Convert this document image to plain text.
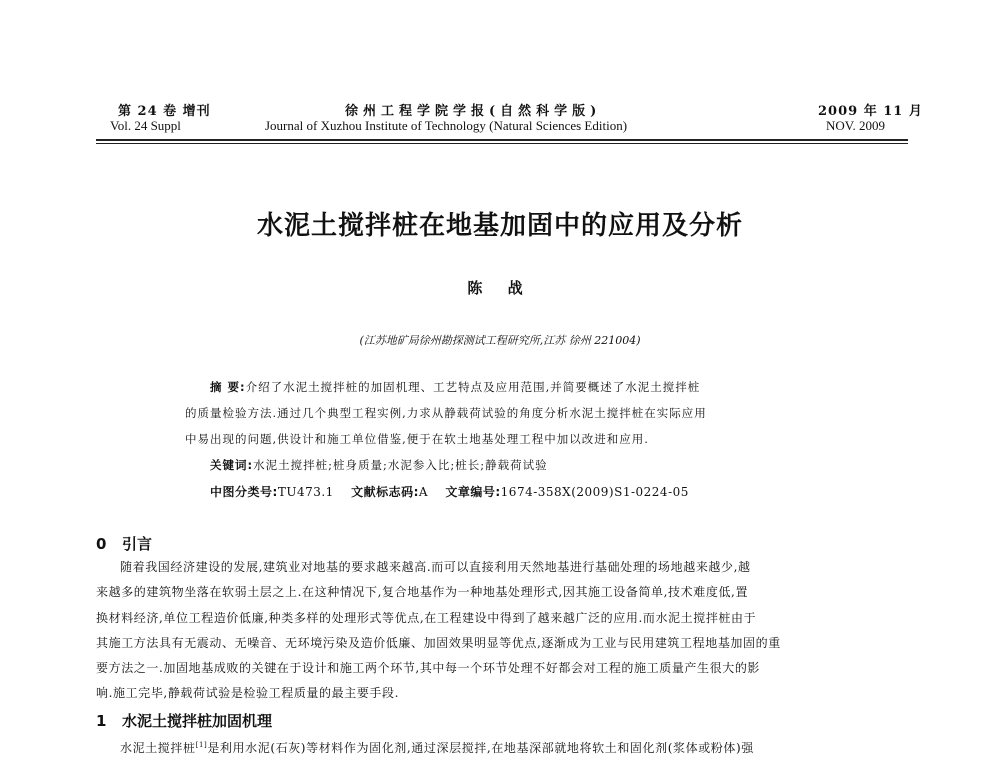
第 24 卷 增刊
Vol. 24 Suppl
徐州工程学院学报(自然科学版)
Journal of Xuzhou Institute of Technology (Natural Sciences Edition)
2009 年 11 月
NOV. 2009
水泥土搅拌桩在地基加固中的应用及分析
陈 战
(江苏地矿局徐州勘探测试工程研究所,江苏 徐州 221004)
摘 要:介绍了水泥土搅拌桩的加固机理、工艺特点及应用范围,并简要概述了水泥土搅拌桩
的质量检验方法.通过几个典型工程实例,力求从静载荷试验的角度分析水泥土搅拌桩在实际应用
中易出现的问题,供设计和施工单位借鉴,便于在软土地基处理工程中加以改进和应用.
关键词:水泥土搅拌桩;桩身质量;水泥参入比;桩长;静载荷试验
中图分类号:TU473.1 文献标志码:A 文章编号:1674-358X(2009)S1-0224-05
0 引言
随着我国经济建设的发展,建筑业对地基的要求越来越高.而可以直接利用天然地基进行基础处理的场地越来越少,越
来越多的建筑物坐落在软弱土层之上.在这种情况下,复合地基作为一种地基处理形式,因其施工设备简单,技术难度低,置
换材料经济,单位工程造价低廉,种类多样的处理形式等优点,在工程建设中得到了越来越广泛的应用.而水泥土搅拌桩由于
其施工方法具有无震动、无噪音、无环境污染及造价低廉、加固效果明显等优点,逐渐成为工业与民用建筑工程地基加固的重
要方法之一.加固地基成败的关键在于设计和施工两个环节,其中每一个环节处理不好都会对工程的施工质量产生很大的影
响.施工完毕,静载荷试验是检验工程质量的最主要手段.
1 水泥土搅拌桩加固机理
水泥土搅拌桩[1]是利用水泥(石灰)等材料作为固化剂,通过深层搅拌,在地基深部就地将软土和固化剂(浆体或粉体)强
